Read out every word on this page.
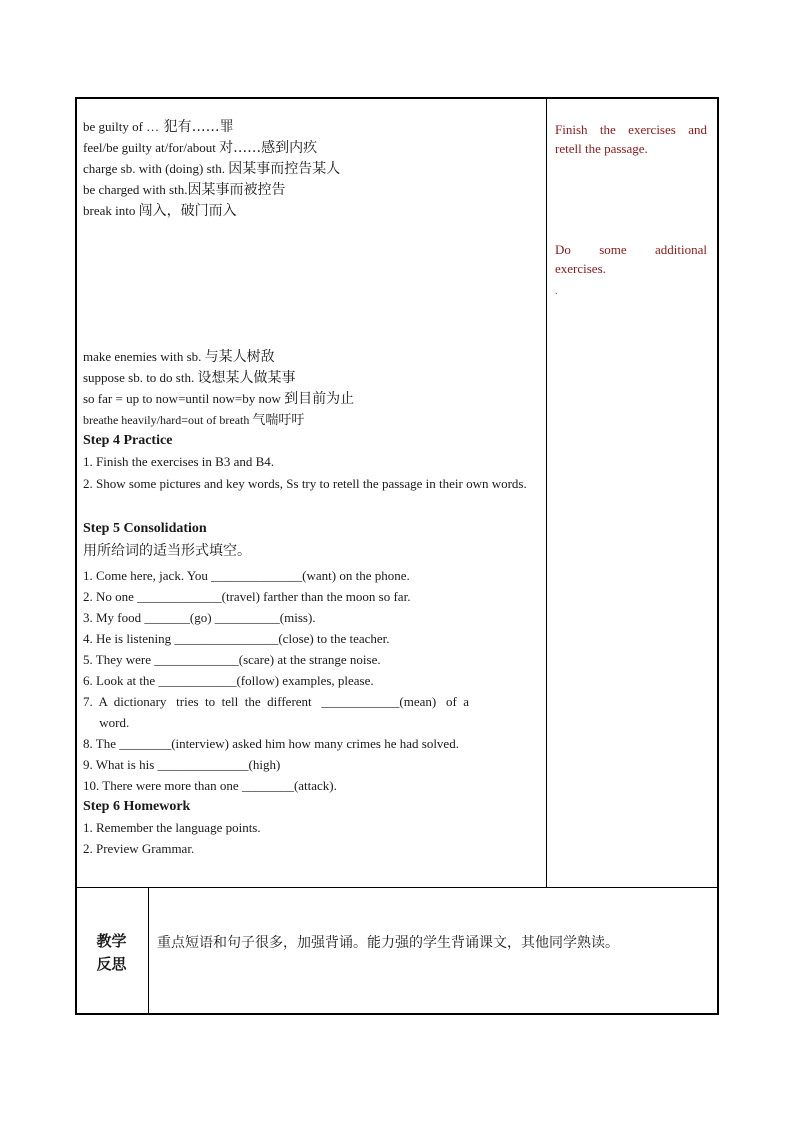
be guilty of … 犯有……罪
feel/be guilty at/for/about 对……感到内疚
charge sb. with (doing) sth. 因某事而控告某人
be charged with sth.因某事而被控告
break into 闯入，破门而入
make enemies with sb. 与某人树敌
suppose sb. to do sth. 设想某人做某事
so far = up to now=until now=by now 到目前为止
breathe heavily/hard=out of breath 气喘吁吁
Step 4 Practice
1. Finish the exercises in B3 and B4.
2. Show some pictures and key words, Ss try to retell the passage in their own words.
Step 5 Consolidation
用所给词的适当形式填空。
1. Come here, jack. You ______________(want) on the phone.
2. No one _____________(travel) farther than the moon so far.
3. My food _______(go) __________(miss).
4. He is listening ________________(close) to the teacher.
5. They were _____________(scare) at the strange noise.
6. Look at the ____________(follow) examples, please.
7.  A  dictionary   tries  to  tell  the  different   ____________(mean)   of  a
word.
8. The ________(interview) asked him how many crimes he had solved.
9. What is his ______________(high)
10. There were more than one ________(attack).
Step 6 Homework
1. Remember the language points.
2. Preview Grammar.
Finish the exercises and retell the passage.
Do some additional exercises.
.
教学
反思
重点短语和句子很多，加强背诵。能力强的学生背诵课文，其他同学熟读。
